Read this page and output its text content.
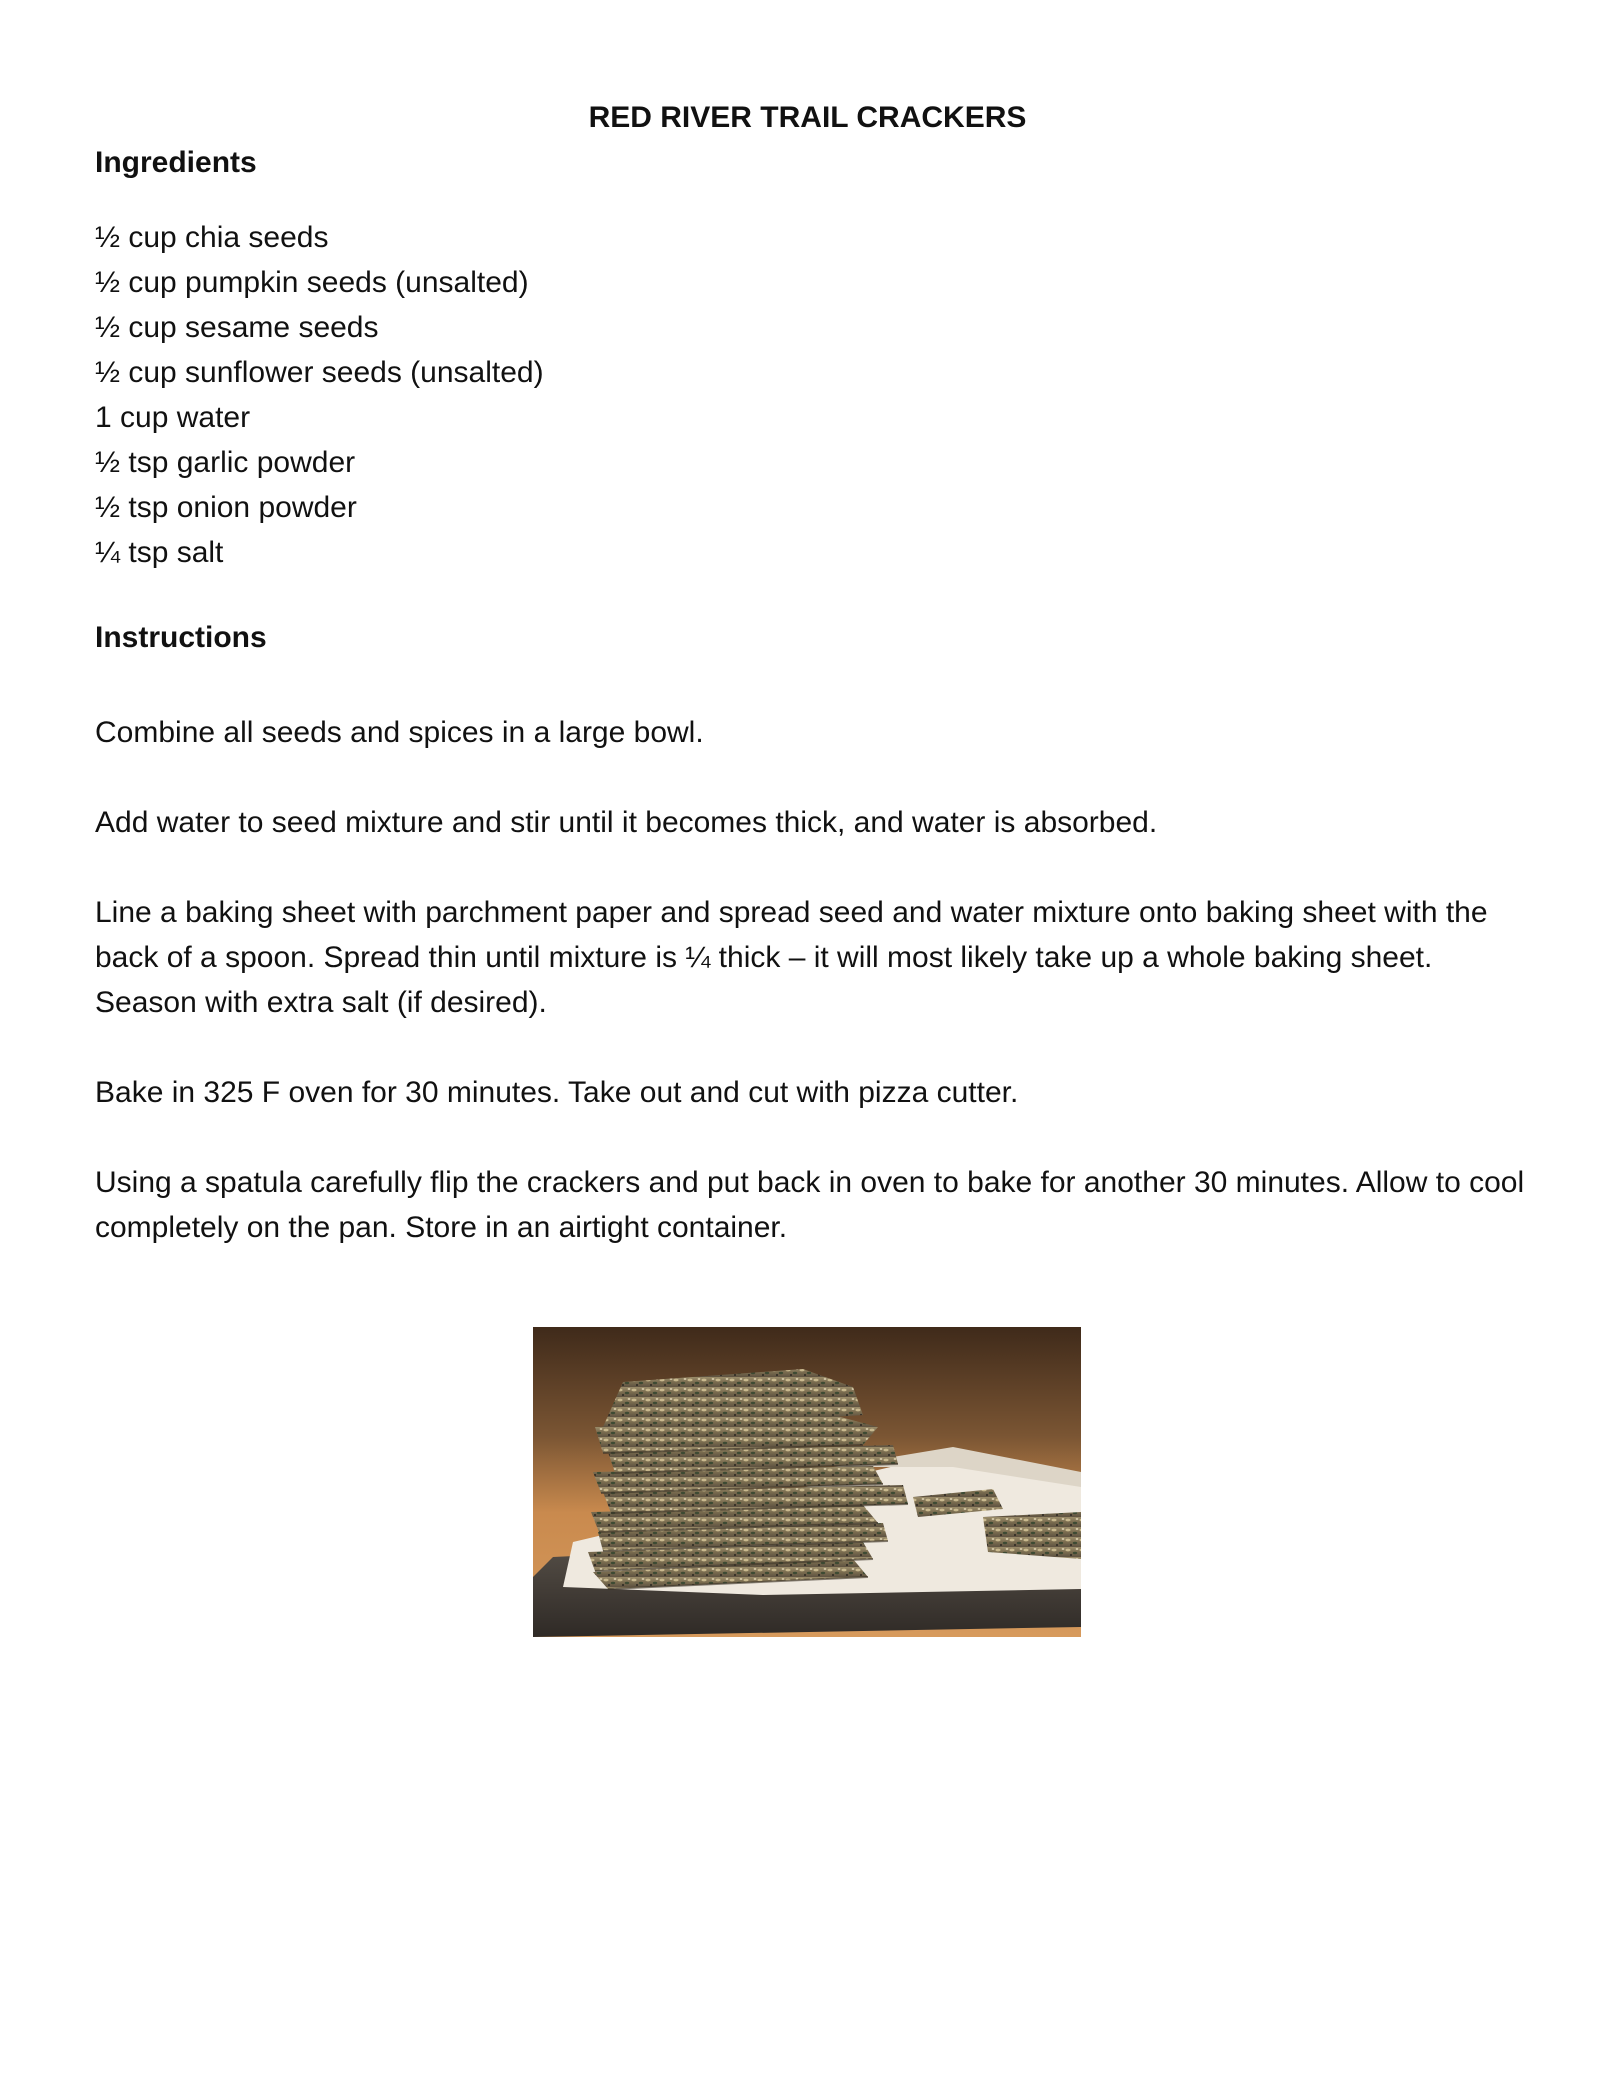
RED RIVER TRAIL CRACKERS
Ingredients
½ cup chia seeds
½ cup pumpkin seeds (unsalted)
½ cup sesame seeds
½ cup sunflower seeds (unsalted)
1 cup water
½ tsp garlic powder
½ tsp onion powder
¼ tsp salt
Instructions

Combine all seeds and spices in a large bowl.

Add water to seed mixture and stir until it becomes thick, and water is absorbed.

Line a baking sheet with parchment paper and spread seed and water mixture onto baking sheet with the back of a spoon. Spread thin until mixture is ¼ thick – it will most likely take up a whole baking sheet. Season with extra salt (if desired).

Bake in 325 F oven for 30 minutes. Take out and cut with pizza cutter.

Using a spatula carefully flip the crackers and put back in oven to bake for another 30 minutes. Allow to cool completely on the pan. Store in an airtight container.
